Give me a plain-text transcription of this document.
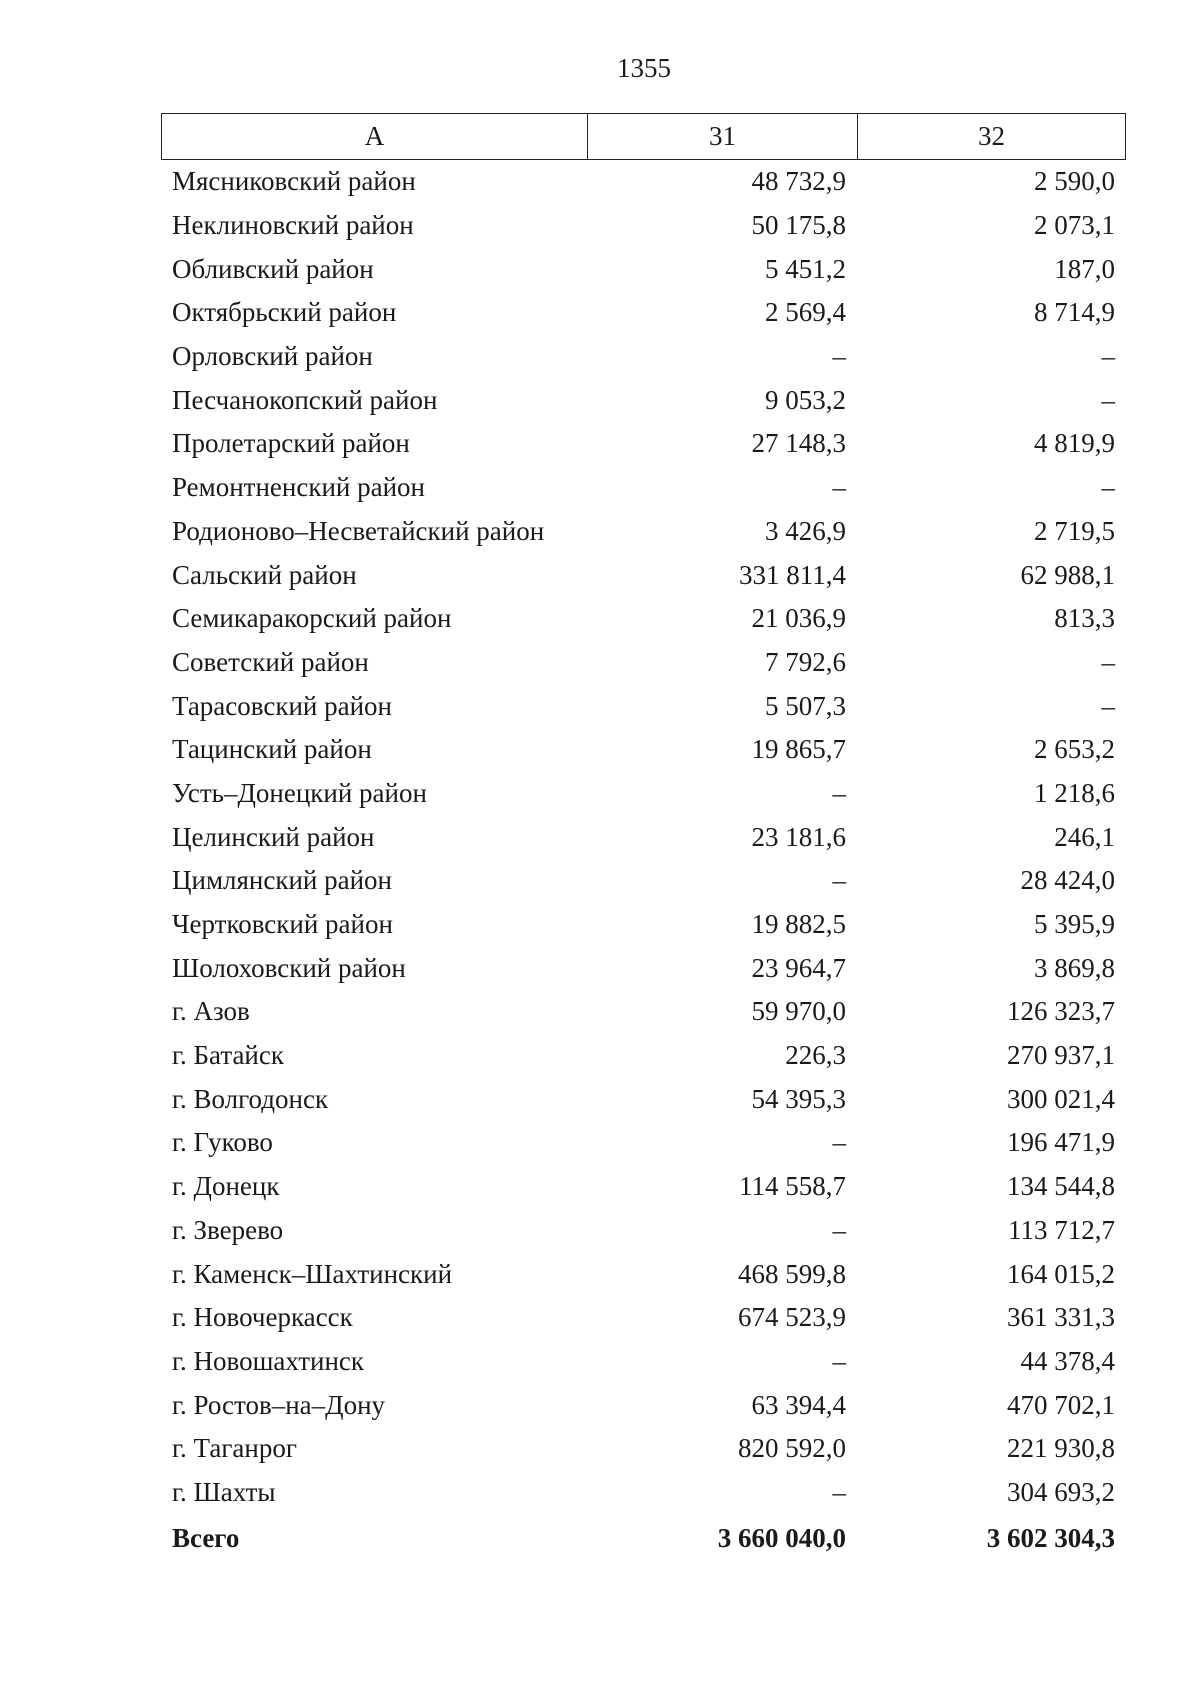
1355
А	31	32
Мясниковский район	48 732,9	2 590,0
Неклиновский район	50 175,8	2 073,1
Обливский район	5 451,2	187,0
Октябрьский район	2 569,4	8 714,9
Орловский район	–	–
Песчанокопский район	9 053,2	–
Пролетарский район	27 148,3	4 819,9
Ремонтненский район	–	–
Родионово–Несветайский район	3 426,9	2 719,5
Сальский район	331 811,4	62 988,1
Семикаракорский район	21 036,9	813,3
Советский район	7 792,6	–
Тарасовский район	5 507,3	–
Тацинский район	19 865,7	2 653,2
Усть–Донецкий район	–	1 218,6
Целинский район	23 181,6	246,1
Цимлянский район	–	28 424,0
Чертковский район	19 882,5	5 395,9
Шолоховский район	23 964,7	3 869,8
г. Азов	59 970,0	126 323,7
г. Батайск	226,3	270 937,1
г. Волгодонск	54 395,3	300 021,4
г. Гуково	–	196 471,9
г. Донецк	114 558,7	134 544,8
г. Зверево	–	113 712,7
г. Каменск–Шахтинский	468 599,8	164 015,2
г. Новочеркасск	674 523,9	361 331,3
г. Новошахтинск	–	44 378,4
г. Ростов–на–Дону	63 394,4	470 702,1
г. Таганрог	820 592,0	221 930,8
г. Шахты	–	304 693,2
Всего	3 660 040,0	3 602 304,3
